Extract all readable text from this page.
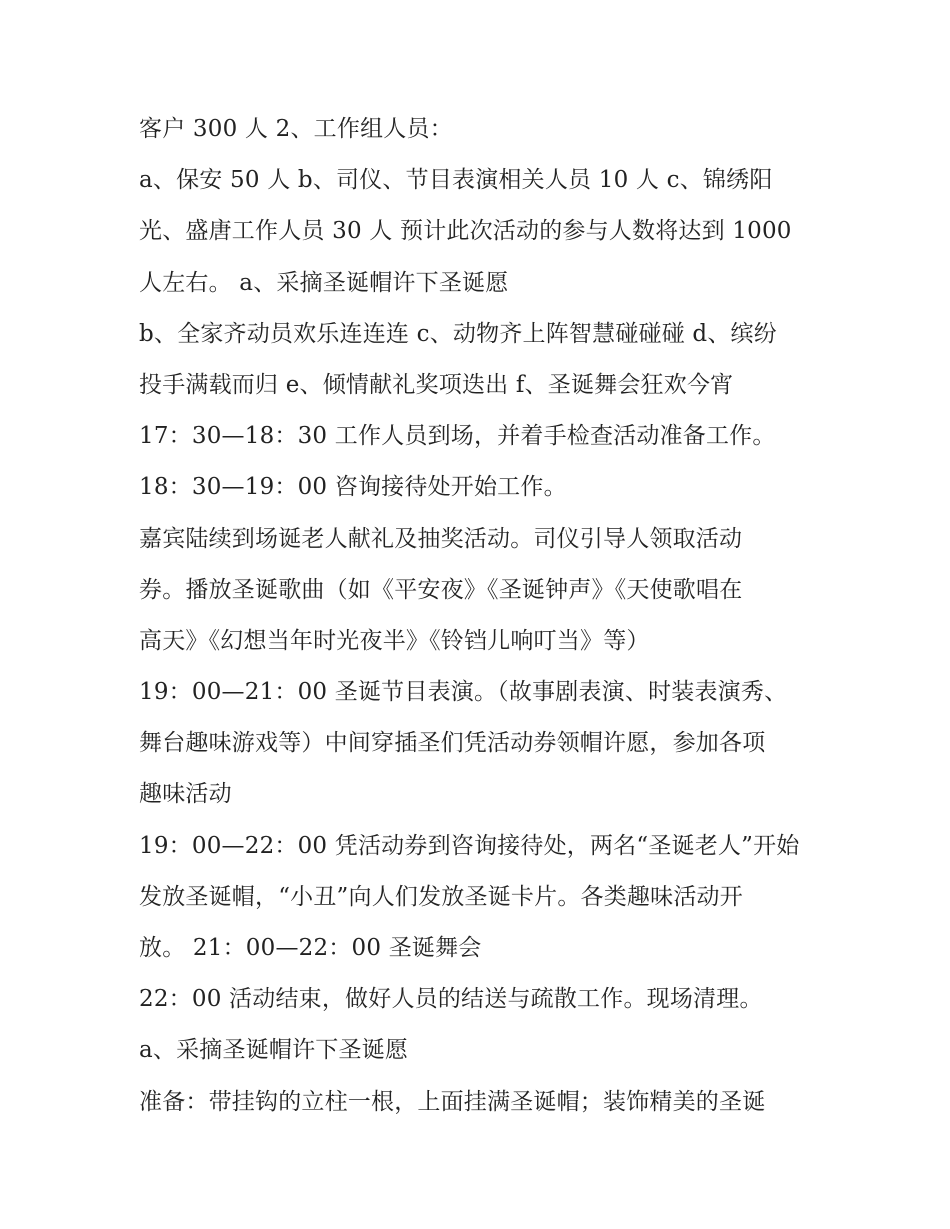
客户 300 人 2、工作组人员：
a、保安 50 人 b、司仪、节目表演相关人员 10 人 c、锦绣阳
光、盛唐工作人员 30 人 预计此次活动的参与人数将达到 1000
人左右。 a、采摘圣诞帽许下圣诞愿
b、全家齐动员欢乐连连连 c、动物齐上阵智慧碰碰碰 d、缤纷
投手满载而归 e、倾情献礼奖项迭出 f、圣诞舞会狂欢今宵
17：30—18：30 工作人员到场，并着手检查活动准备工作。
18：30—19：00 咨询接待处开始工作。
嘉宾陆续到场诞老人献礼及抽奖活动。司仪引导人领取活动
券。播放圣诞歌曲（如《平安夜》《圣诞钟声》《天使歌唱在
高天》《幻想当年时光夜半》《铃铛儿响叮当》等）
19：00—21：00 圣诞节目表演。（故事剧表演、时装表演秀、
舞台趣味游戏等）中间穿插圣们凭活动券领帽许愿，参加各项
趣味活动
19：00—22：00 凭活动券到咨询接待处，两名“圣诞老人”开始
发放圣诞帽，“小丑”向人们发放圣诞卡片。各类趣味活动开
放。 21：00—22：00 圣诞舞会
22：00 活动结束，做好人员的结送与疏散工作。现场清理。
a、采摘圣诞帽许下圣诞愿
准备：带挂钩的立柱一根，上面挂满圣诞帽；装饰精美的圣诞
